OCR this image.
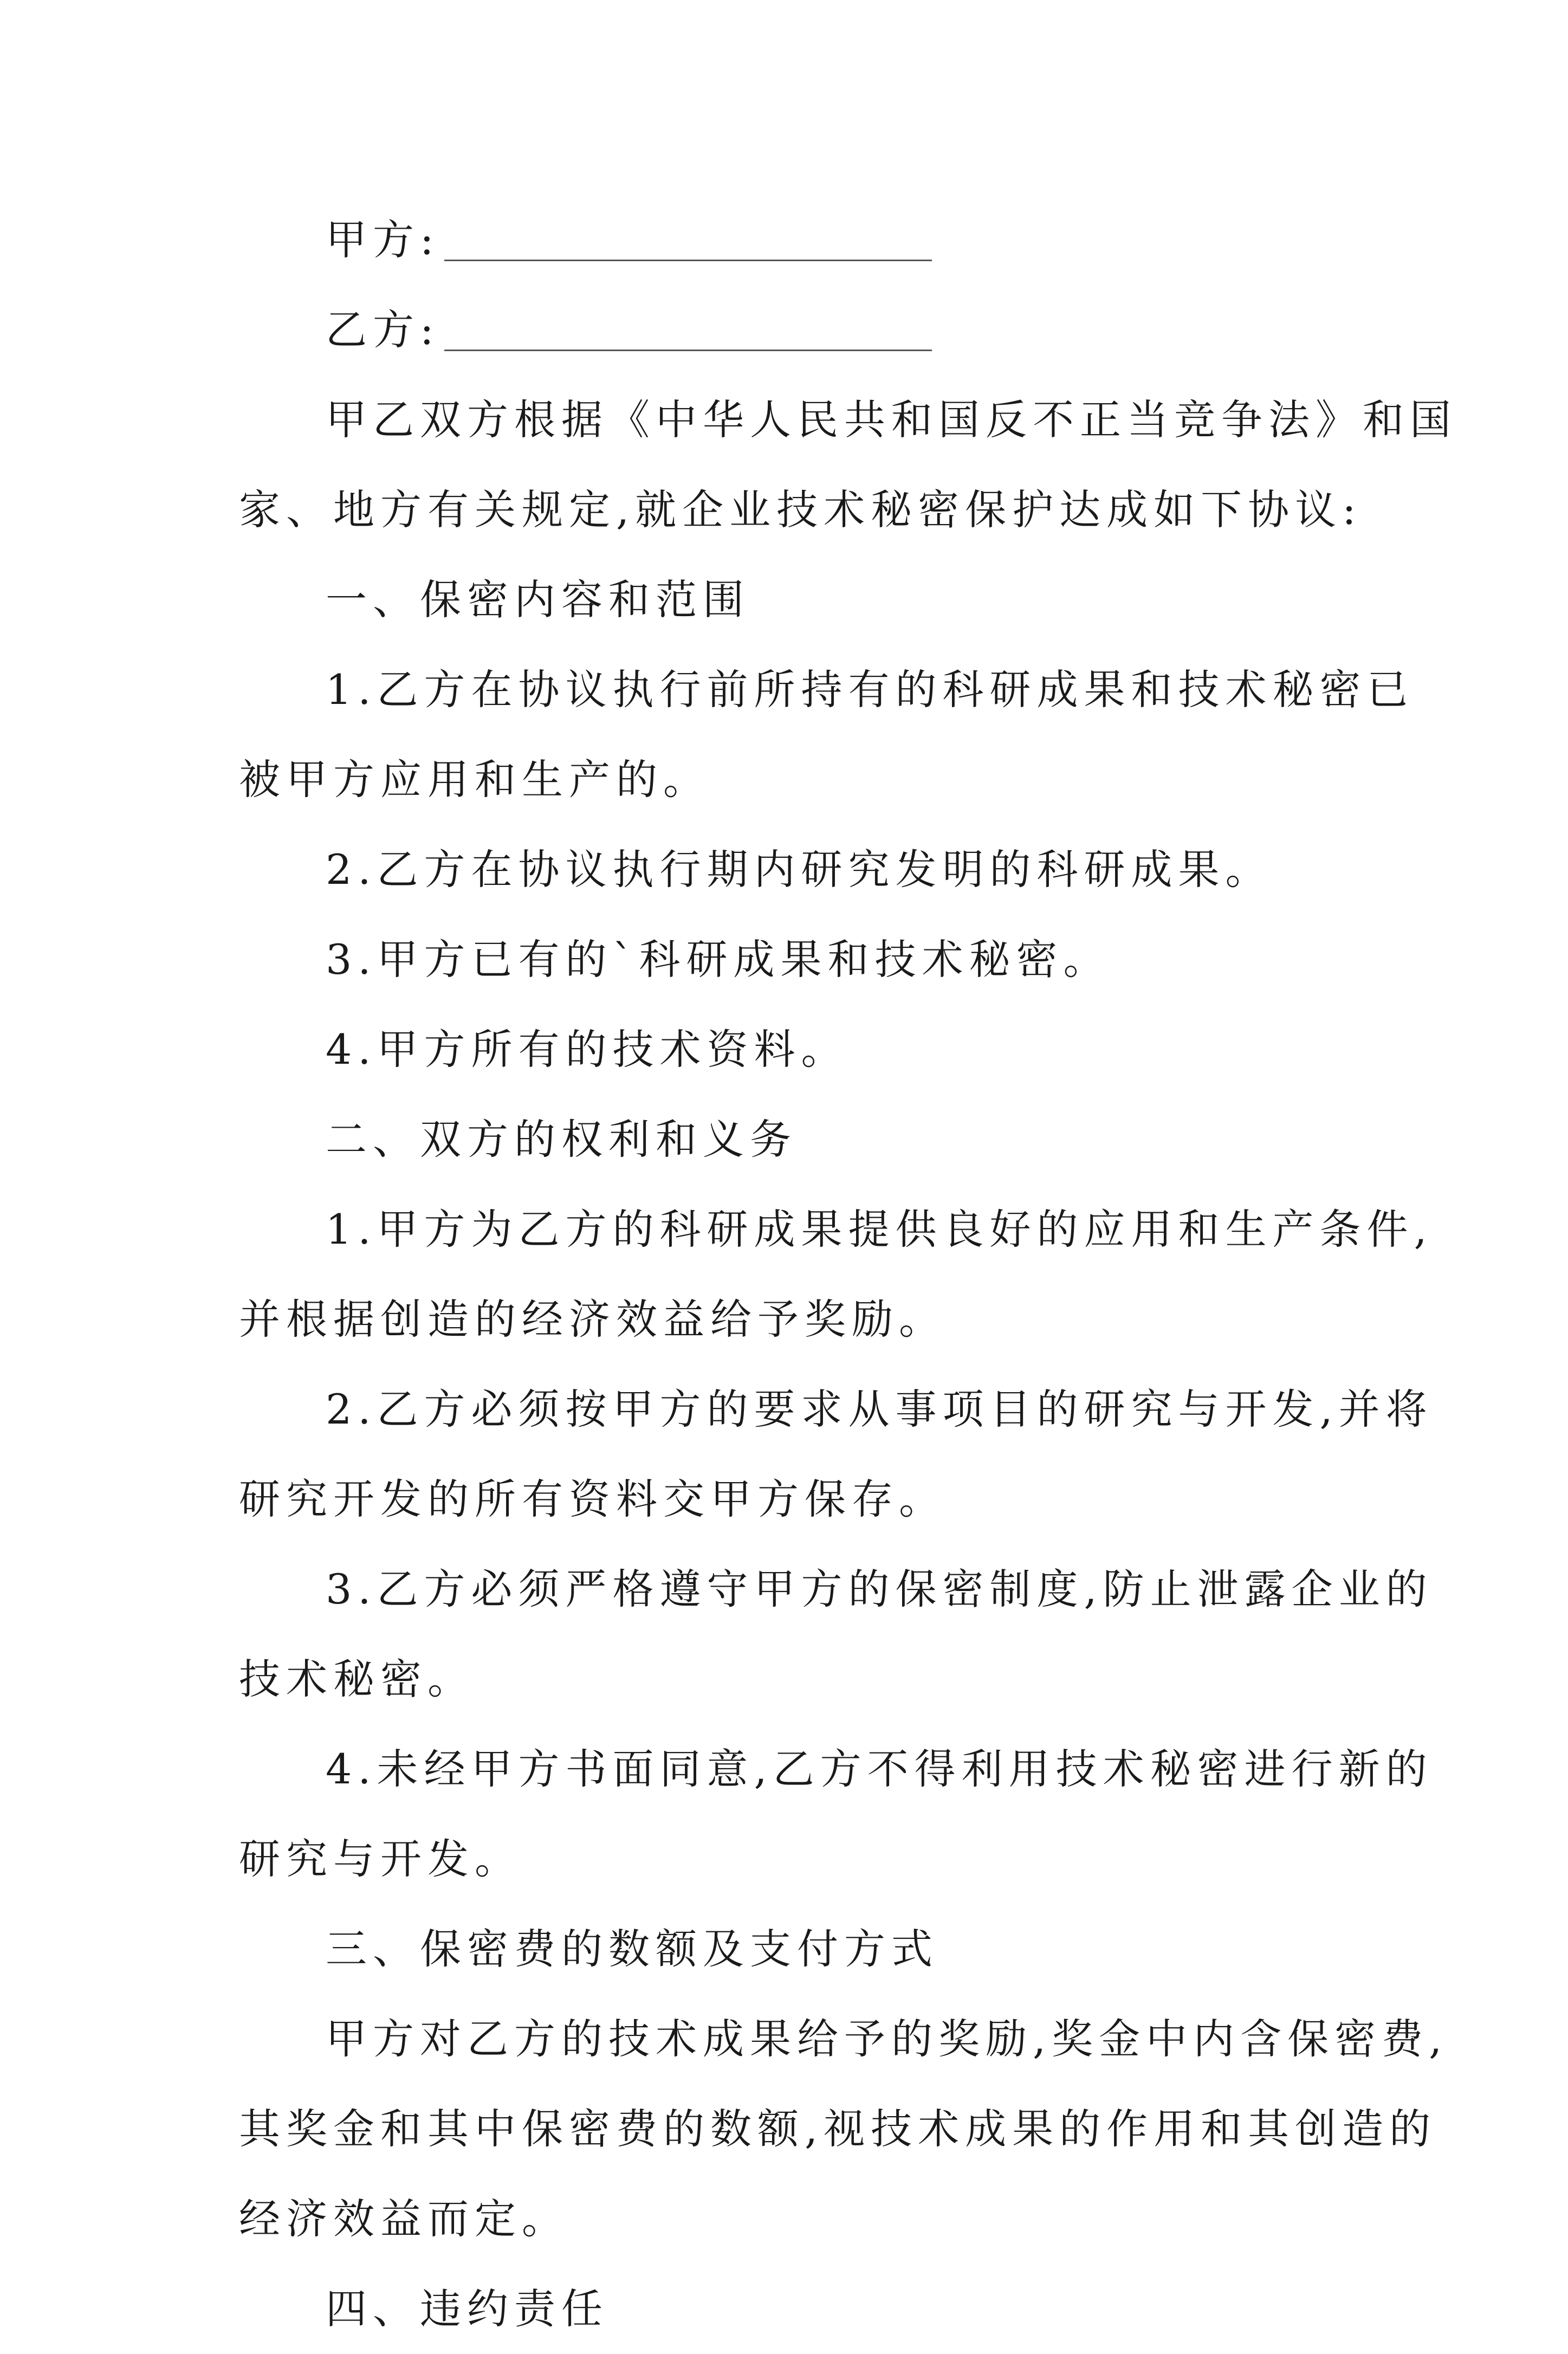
甲方:
乙方:
甲乙双方根据《中华人民共和国反不正当竞争法》和国
家、地方有关规定,就企业技术秘密保护达成如下协议:
一、保密内容和范围
1.乙方在协议执行前所持有的科研成果和技术秘密已
被甲方应用和生产的。
2.乙方在协议执行期内研究发明的科研成果。
3.甲方已有的`科研成果和技术秘密。
4.甲方所有的技术资料。
二、双方的权利和义务
1.甲方为乙方的科研成果提供良好的应用和生产条件,
并根据创造的经济效益给予奖励。
2.乙方必须按甲方的要求从事项目的研究与开发,并将
研究开发的所有资料交甲方保存。
3.乙方必须严格遵守甲方的保密制度,防止泄露企业的
技术秘密。
4.未经甲方书面同意,乙方不得利用技术秘密进行新的
研究与开发。
三、保密费的数额及支付方式
甲方对乙方的技术成果给予的奖励,奖金中内含保密费,
其奖金和其中保密费的数额,视技术成果的作用和其创造的
经济效益而定。
四、违约责任
